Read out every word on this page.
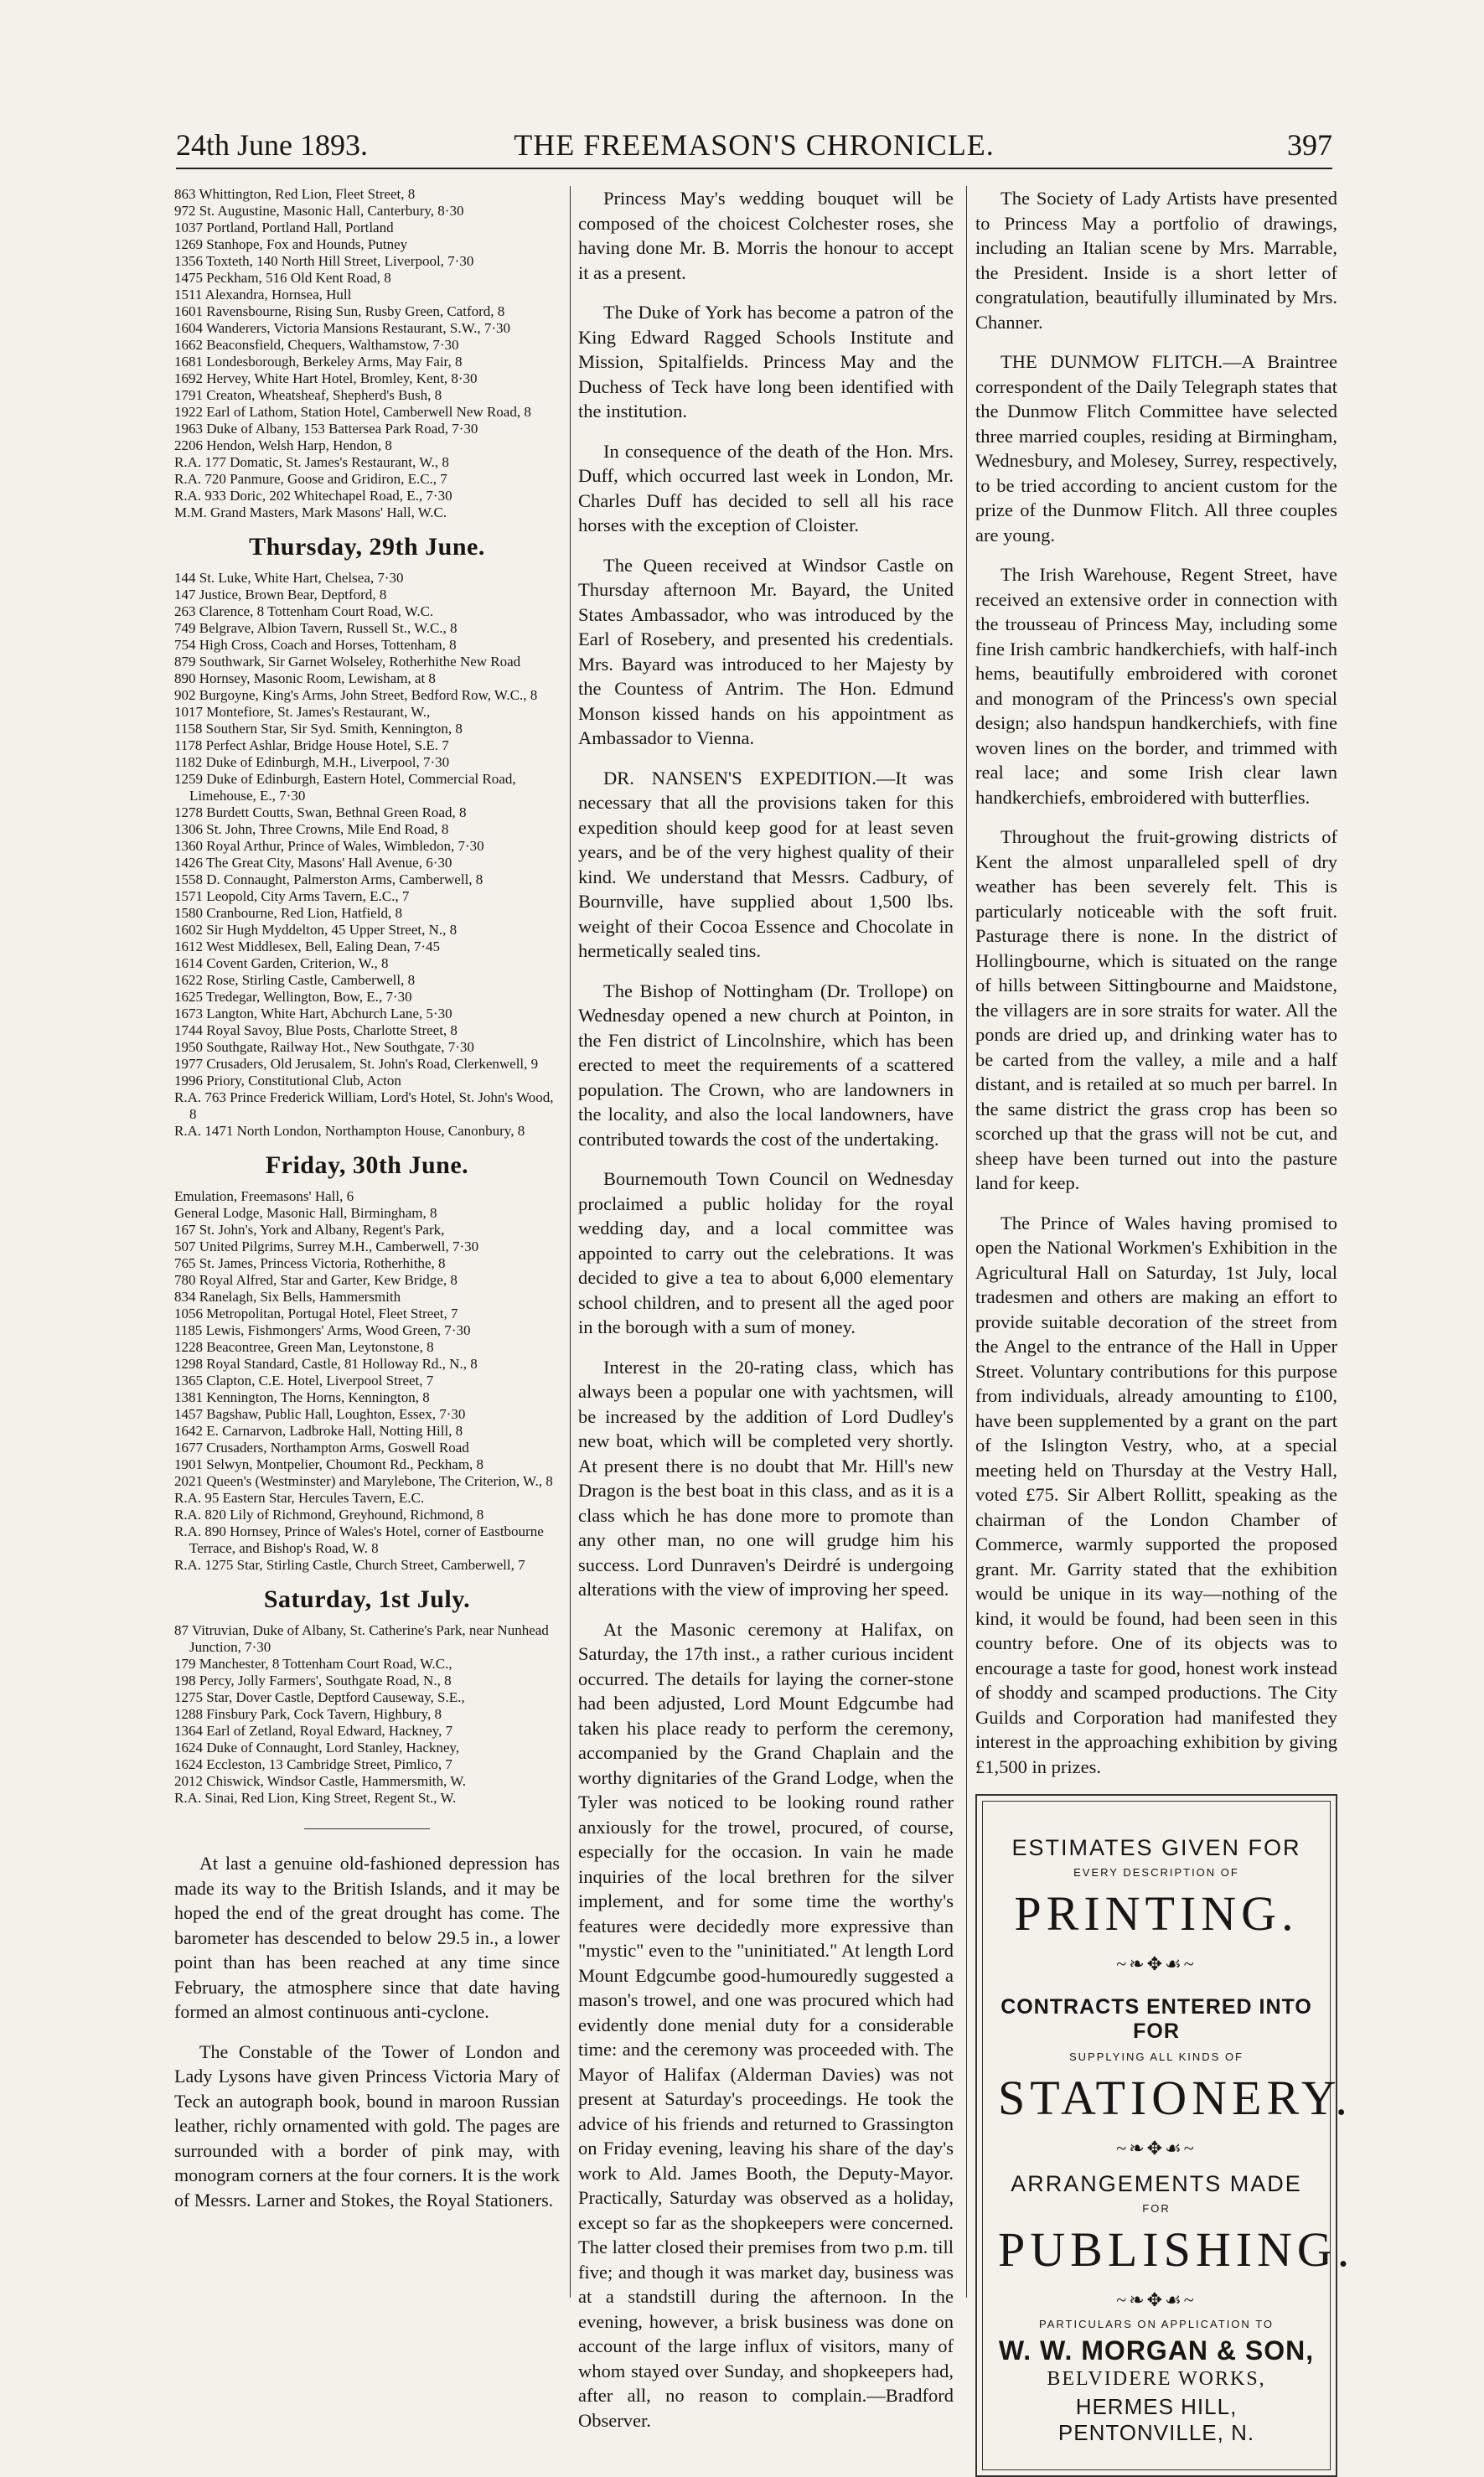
24th June 1893.	THE FREEMASON'S CHRONICLE.	397
863 Whittington, Red Lion, Fleet Street, 8
972 St. Augustine, Masonic Hall, Canterbury, 8·30
1037 Portland, Portland Hall, Portland
1269 Stanhope, Fox and Hounds, Putney
1356 Toxteth, 140 North Hill Street, Liverpool, 7·30
1475 Peckham, 516 Old Kent Road, 8
1511 Alexandra, Hornsea, Hull
1601 Ravensbourne, Rising Sun, Rusby Green, Catford, 8
1604 Wanderers, Victoria Mansions Restaurant, S.W., 7·30
1662 Beaconsfield, Chequers, Walthamstow, 7·30
1681 Londesborough, Berkeley Arms, May Fair, 8
1692 Hervey, White Hart Hotel, Bromley, Kent, 8·30
1791 Creaton, Wheatsheaf, Shepherd's Bush, 8
1922 Earl of Lathom, Station Hotel, Camberwell New Road, 8
1963 Duke of Albany, 153 Battersea Park Road, 7·30
2206 Hendon, Welsh Harp, Hendon, 8
R.A. 177 Domatic, St. James's Restaurant, W., 8
R.A. 720 Panmure, Goose and Gridiron, E.C., 7
R.A. 933 Doric, 202 Whitechapel Road, E., 7·30
M.M. Grand Masters, Mark Masons' Hall, W.C.
Thursday, 29th June.
144 St. Luke, White Hart, Chelsea, 7·30
147 Justice, Brown Bear, Deptford, 8
263 Clarence, 8 Tottenham Court Road, W.C.
749 Belgrave, Albion Tavern, Russell St., W.C., 8
754 High Cross, Coach and Horses, Tottenham, 8
879 Southwark, Sir Garnet Wolseley, Rotherhithe New Road
890 Hornsey, Masonic Room, Lewisham, at 8
902 Burgoyne, King's Arms, John Street, Bedford Row, W.C., 8
1017 Montefiore, St. James's Restaurant, W.,
1158 Southern Star, Sir Syd. Smith, Kennington, 8
1178 Perfect Ashlar, Bridge House Hotel, S.E. 7
1182 Duke of Edinburgh, M.H., Liverpool, 7·30
1259 Duke of Edinburgh, Eastern Hotel, Commercial Road, Limehouse, E., 7·30
1278 Burdett Coutts, Swan, Bethnal Green Road, 8
1306 St. John, Three Crowns, Mile End Road, 8
1360 Royal Arthur, Prince of Wales, Wimbledon, 7·30
1426 The Great City, Masons' Hall Avenue, 6·30
1558 D. Connaught, Palmerston Arms, Camberwell, 8
1571 Leopold, City Arms Tavern, E.C., 7
1580 Cranbourne, Red Lion, Hatfield, 8
1602 Sir Hugh Myddelton, 45 Upper Street, N., 8
1612 West Middlesex, Bell, Ealing Dean, 7·45
1614 Covent Garden, Criterion, W., 8
1622 Rose, Stirling Castle, Camberwell, 8
1625 Tredegar, Wellington, Bow, E., 7·30
1673 Langton, White Hart, Abchurch Lane, 5·30
1744 Royal Savoy, Blue Posts, Charlotte Street, 8
1950 Southgate, Railway Hot., New Southgate, 7·30
1977 Crusaders, Old Jerusalem, St. John's Road, Clerkenwell, 9
1996 Priory, Constitutional Club, Acton
R.A. 763 Prince Frederick William, Lord's Hotel, St. John's Wood, 8
R.A. 1471 North London, Northampton House, Canonbury, 8
Friday, 30th June.
Emulation, Freemasons' Hall, 6
General Lodge, Masonic Hall, Birmingham, 8
167 St. John's, York and Albany, Regent's Park,
507 United Pilgrims, Surrey M.H., Camberwell, 7·30
765 St. James, Princess Victoria, Rotherhithe, 8
780 Royal Alfred, Star and Garter, Kew Bridge, 8
834 Ranelagh, Six Bells, Hammersmith
1056 Metropolitan, Portugal Hotel, Fleet Street, 7
1185 Lewis, Fishmongers' Arms, Wood Green, 7·30
1228 Beacontree, Green Man, Leytonstone, 8
1298 Royal Standard, Castle, 81 Holloway Rd., N., 8
1365 Clapton, C.E. Hotel, Liverpool Street, 7
1381 Kennington, The Horns, Kennington, 8
1457 Bagshaw, Public Hall, Loughton, Essex, 7·30
1642 E. Carnarvon, Ladbroke Hall, Notting Hill, 8
1677 Crusaders, Northampton Arms, Goswell Road
1901 Selwyn, Montpelier, Choumont Rd., Peckham, 8
2021 Queen's (Westminster) and Marylebone, The Criterion, W., 8
R.A. 95 Eastern Star, Hercules Tavern, E.C.
R.A. 820 Lily of Richmond, Greyhound, Richmond, 8
R.A. 890 Hornsey, Prince of Wales's Hotel, corner of Eastbourne Terrace, and Bishop's Road, W. 8
R.A. 1275 Star, Stirling Castle, Church Street, Camberwell, 7
Saturday, 1st July.
87 Vitruvian, Duke of Albany, St. Catherine's Park, near Nunhead Junction, 7·30
179 Manchester, 8 Tottenham Court Road, W.C.,
198 Percy, Jolly Farmers', Southgate Road, N., 8
1275 Star, Dover Castle, Deptford Causeway, S.E.,
1288 Finsbury Park, Cock Tavern, Highbury, 8
1364 Earl of Zetland, Royal Edward, Hackney, 7
1624 Duke of Connaught, Lord Stanley, Hackney,
1624 Eccleston, 13 Cambridge Street, Pimlico, 7
2012 Chiswick, Windsor Castle, Hammersmith, W.
R.A. Sinai, Red Lion, King Street, Regent St., W.
At last a genuine old-fashioned depression has made its way to the British Islands, and it may be hoped the end of the great drought has come. The barometer has descended to below 29.5 in., a lower point than has been reached at any time since February, the atmosphere since that date having formed an almost continuous anti-cyclone.
The Constable of the Tower of London and Lady Lysons have given Princess Victoria Mary of Teck an autograph book, bound in maroon Russian leather, richly ornamented with gold. The pages are surrounded with a border of pink may, with monogram corners at the four corners. It is the work of Messrs. Larner and Stokes, the Royal Stationers.
Princess May's wedding bouquet will be composed of the choicest Colchester roses, she having done Mr. B. Morris the honour to accept it as a present.
The Duke of York has become a patron of the King Edward Ragged Schools Institute and Mission, Spitalfields. Princess May and the Duchess of Teck have long been identified with the institution.
In consequence of the death of the Hon. Mrs. Duff, which occurred last week in London, Mr. Charles Duff has decided to sell all his race horses with the exception of Cloister.
The Queen received at Windsor Castle on Thursday afternoon Mr. Bayard, the United States Ambassador, who was introduced by the Earl of Rosebery, and presented his credentials. Mrs. Bayard was introduced to her Majesty by the Countess of Antrim. The Hon. Edmund Monson kissed hands on his appointment as Ambassador to Vienna.
DR. NANSEN'S EXPEDITION.—It was necessary that all the provisions taken for this expedition should keep good for at least seven years, and be of the very highest quality of their kind. We understand that Messrs. Cadbury, of Bournville, have supplied about 1,500 lbs. weight of their Cocoa Essence and Chocolate in hermetically sealed tins.
The Bishop of Nottingham (Dr. Trollope) on Wednesday opened a new church at Pointon, in the Fen district of Lincolnshire, which has been erected to meet the requirements of a scattered population. The Crown, who are landowners in the locality, and also the local landowners, have contributed towards the cost of the undertaking.
Bournemouth Town Council on Wednesday proclaimed a public holiday for the royal wedding day, and a local committee was appointed to carry out the celebrations. It was decided to give a tea to about 6,000 elementary school children, and to present all the aged poor in the borough with a sum of money.
Interest in the 20-rating class, which has always been a popular one with yachtsmen, will be increased by the addition of Lord Dudley's new boat, which will be completed very shortly. At present there is no doubt that Mr. Hill's new Dragon is the best boat in this class, and as it is a class which he has done more to promote than any other man, no one will grudge him his success. Lord Dunraven's Deirdré is undergoing alterations with the view of improving her speed.
At the Masonic ceremony at Halifax, on Saturday, the 17th inst., a rather curious incident occurred. The details for laying the corner-stone had been adjusted, Lord Mount Edgcumbe had taken his place ready to perform the ceremony, accompanied by the Grand Chaplain and the worthy dignitaries of the Grand Lodge, when the Tyler was noticed to be looking round rather anxiously for the trowel, procured, of course, especially for the occasion. In vain he made inquiries of the local brethren for the silver implement, and for some time the worthy's features were decidedly more expressive than "mystic" even to the "uninitiated." At length Lord Mount Edgcumbe good-humouredly suggested a mason's trowel, and one was procured which had evidently done menial duty for a considerable time: and the ceremony was proceeded with. The Mayor of Halifax (Alderman Davies) was not present at Saturday's proceedings. He took the advice of his friends and returned to Grassington on Friday evening, leaving his share of the day's work to Ald. James Booth, the Deputy-Mayor. Practically, Saturday was observed as a holiday, except so far as the shopkeepers were concerned. The latter closed their premises from two p.m. till five; and though it was market day, business was at a standstill during the afternoon. In the evening, however, a brisk business was done on account of the large influx of visitors, many of whom stayed over Sunday, and shopkeepers had, after all, no reason to complain.—Bradford Observer.
The Society of Lady Artists have presented to Princess May a portfolio of drawings, including an Italian scene by Mrs. Marrable, the President. Inside is a short letter of congratulation, beautifully illuminated by Mrs. Channer.
THE DUNMOW FLITCH.—A Braintree correspondent of the Daily Telegraph states that the Dunmow Flitch Committee have selected three married couples, residing at Birmingham, Wednesbury, and Molesey, Surrey, respectively, to be tried according to ancient custom for the prize of the Dunmow Flitch. All three couples are young.
The Irish Warehouse, Regent Street, have received an extensive order in connection with the trousseau of Princess May, including some fine Irish cambric handkerchiefs, with half-inch hems, beautifully embroidered with coronet and monogram of the Princess's own special design; also handspun handkerchiefs, with fine woven lines on the border, and trimmed with real lace; and some Irish clear lawn handkerchiefs, embroidered with butterflies.
Throughout the fruit-growing districts of Kent the almost unparalleled spell of dry weather has been severely felt. This is particularly noticeable with the soft fruit. Pasturage there is none. In the district of Hollingbourne, which is situated on the range of hills between Sittingbourne and Maidstone, the villagers are in sore straits for water. All the ponds are dried up, and drinking water has to be carted from the valley, a mile and a half distant, and is retailed at so much per barrel. In the same district the grass crop has been so scorched up that the grass will not be cut, and sheep have been turned out into the pasture land for keep.
The Prince of Wales having promised to open the National Workmen's Exhibition in the Agricultural Hall on Saturday, 1st July, local tradesmen and others are making an effort to provide suitable decoration of the street from the Angel to the entrance of the Hall in Upper Street. Voluntary contributions for this purpose from individuals, already amounting to £100, have been supplemented by a grant on the part of the Islington Vestry, who, at a special meeting held on Thursday at the Vestry Hall, voted £75. Sir Albert Rollitt, speaking as the chairman of the London Chamber of Commerce, warmly supported the proposed grant. Mr. Garrity stated that the exhibition would be unique in its way—nothing of the kind, it would be found, had been seen in this country before. One of its objects was to encourage a taste for good, honest work instead of shoddy and scamped productions. The City Guilds and Corporation had manifested they interest in the approaching exhibition by giving £1,500 in prizes.
ESTIMATES GIVEN FOR
EVERY DESCRIPTION OF
PRINTING.
~❧✥☙~
CONTRACTS ENTERED INTO FOR
SUPPLYING ALL KINDS OF
STATIONERY.
~❧✥☙~
ARRANGEMENTS MADE
FOR
PUBLISHING.
~❧✥☙~
PARTICULARS ON APPLICATION TO
W. W. MORGAN & SON,
BELVIDERE WORKS,
HERMES HILL, PENTONVILLE, N.
